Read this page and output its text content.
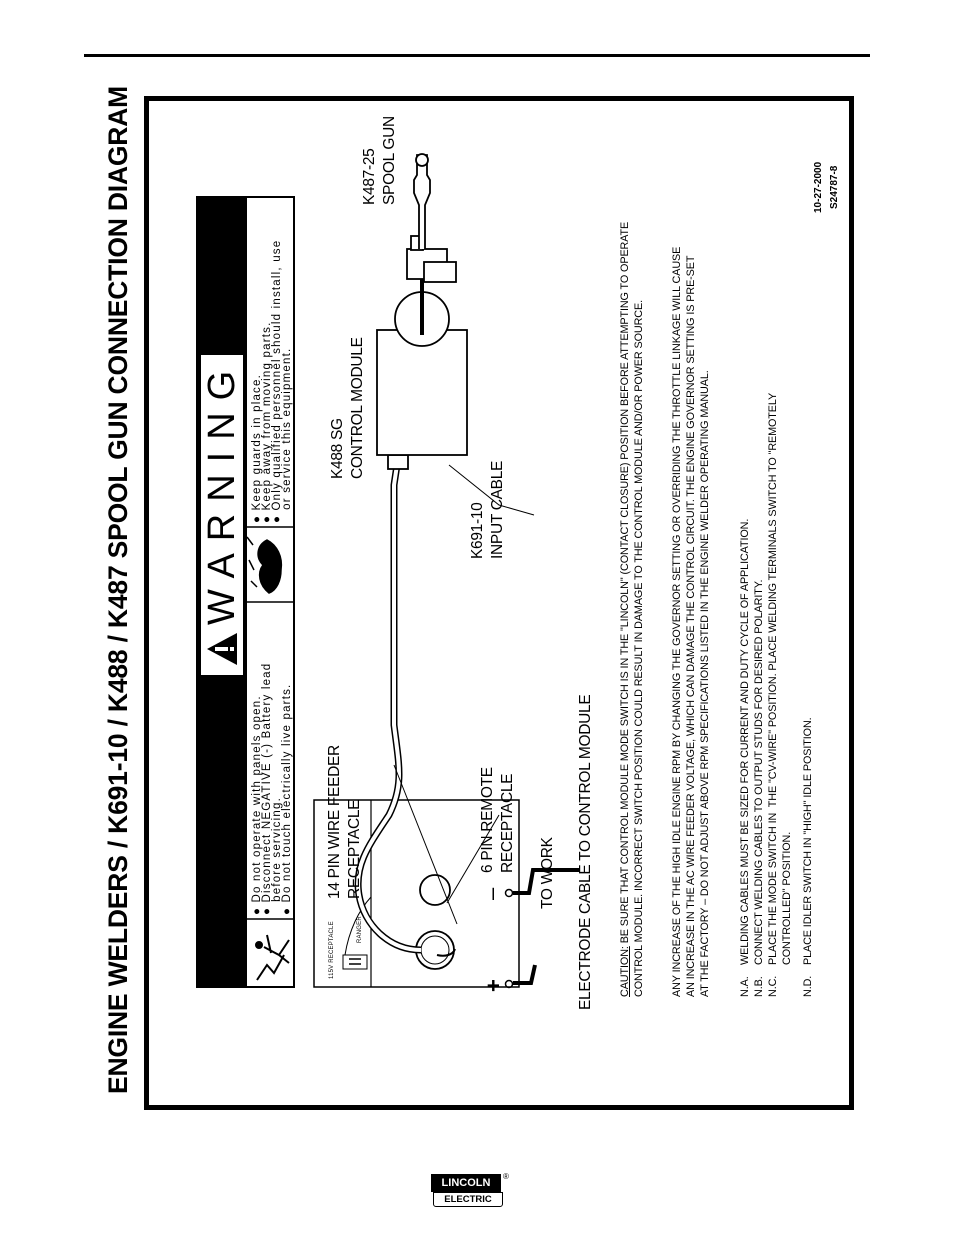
ENGINE WELDERS / K691-10 / K488 / K487 SPOOL GUN CONNECTION DIAGRAM WARNING
● Do not operate with panels open.
● Disconnect NEGATIVE (-) Battery lead
before servicing.
● Do not touch electrically live parts.
● Keep guards in place.
● Keep away from moving parts.
● Only qualified personnel should install, use
or service this equipment.
115V RECEPTACLE	RANGER
+
–
14 PIN WIRE FEEDER RECEPTACLE	6 PIN REMOTE RECEPTACLE
TO WORK ELECTRODE CABLE TO CONTROL MODULE
K691-10 INPUT CABLE
K488 SG CONTROL MODULE
K487-25 SPOOL GUN
CAUTION: BE SURE THAT CONTROL MODULE MODE SWITCH IS IN THE "LINCOLN" (CONTACT CLOSURE) POSITION BEFORE ATTEMPTING TO OPERATE CONTROL MODULE. INCORRECT SWITCH POSITION COULD RESULT IN DAMAGE TO THE CONTROL MODULE AND/OR POWER SOURCE. ANY INCREASE OF THE HIGH IDLE ENGINE RPM BY CHANGING THE GOVERNOR SETTING OR OVERRIDING THE THROTTLE LINKAGE WILL CAUSE AN INCREASE IN THE AC WIRE FEEDER VOLTAGE, WHICH CAN DAMAGE THE CONTROL CIRCUIT. THE ENGINE GOVERNOR SETTING IS PRE-SET AT THE FACTORY – DO NOT ADJUST ABOVE RPM SPECIFICATIONS LISTED IN THE ENGINE WELDER OPERATING MANUAL.	N.A.
WELDING CABLES MUST BE SIZED FOR CURRENT AND DUTY CYCLE OF APPLICATION.
N.B.
CONNECT WELDING CABLES TO OUTPUT STUDS FOR DESIRED POLARITY.
N.C.
PLACE THE MODE SWITCH IN  THE "CV-WIRE" POSITION. PLACE WELDING TERMINALS SWITCH TO "REMOTELY CONTROLLED" POSITION.
N.D.
PLACE IDLER SWITCH IN "HIGH" IDLE POSITION.
10-27-2000 S24787-8
LINCOLN
ELECTRIC
®
